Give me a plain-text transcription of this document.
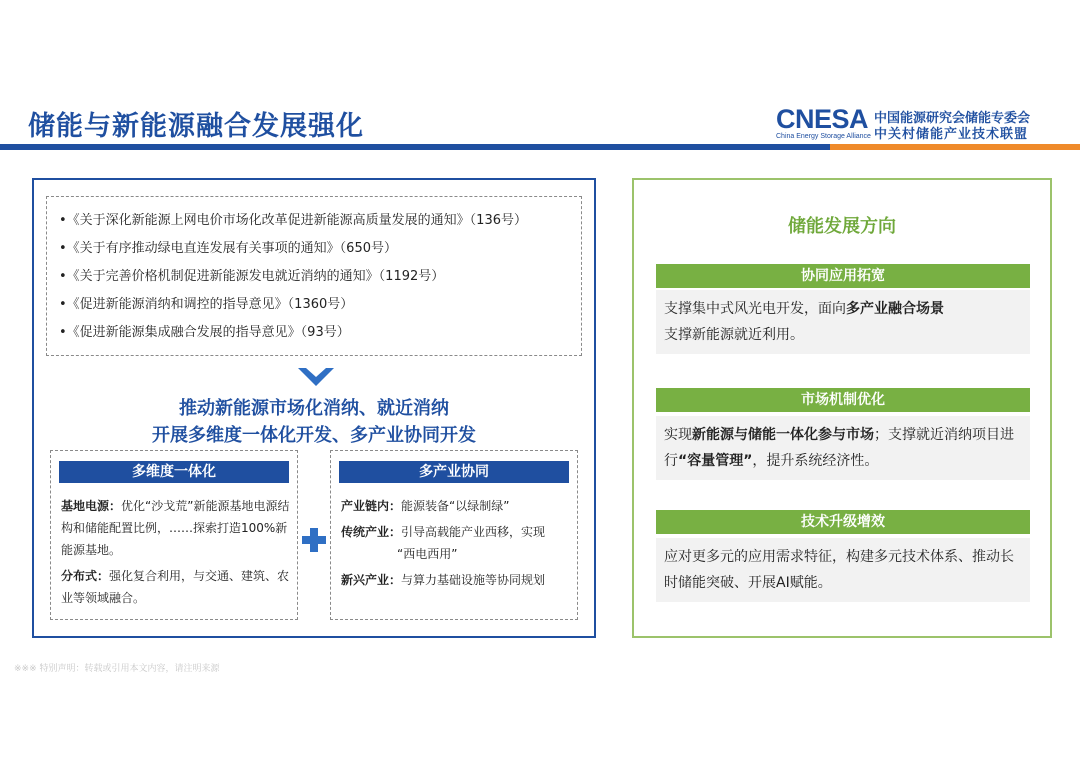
储能与新能源融合发展强化	CNESA
China Energy Storage Alliance
中国能源研究会储能专委会
中关村储能产业技术联盟
•《关于深化新能源上网电价市场化改革促进新能源高质量发展的通知》（136号）
•《关于有序推动绿电直连发展有关事项的通知》（650号）
•《关于完善价格机制促进新能源发电就近消纳的通知》（1192号）
•《促进新能源消纳和调控的指导意见》（1360号）
•《促进新能源集成融合发展的指导意见》（93号）
推动新能源市场化消纳、就近消纳
开展多维度一体化开发、多产业协同开发
多维度一体化

基地电源：优化“沙戈荒”新能源基地电源结构和储能配置比例，……探索打造100%新能源基地。

分布式：强化复合利用，与交通、建筑、农业等领域融合。

多产业协同

产业链内：能源装备“以绿制绿”

传统产业：引导高载能产业西移，实现
“西电西用”

新兴产业：与算力基础设施等协同规划

储能发展方向
协同应用拓宽
支撑集中式风光电开发，面向多产业融合场景
支撑新能源就近利用。
市场机制优化
实现新能源与储能一体化参与市场；支撑就近消纳项目进行“容量管理”，提升系统经济性。
技术升级增效
应对更多元的应用需求特征，构建多元技术体系、推动长时储能突破、开展AI赋能。
※※※ 特别声明：转载或引用本文内容，请注明来源
